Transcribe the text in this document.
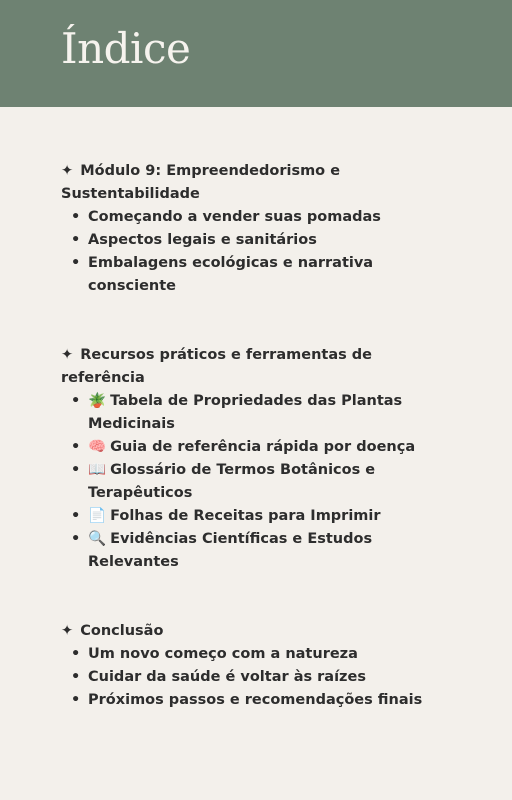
Índice

✦ Módulo 9: Empreendedorismo e Sustentabilidade

• Começando a vender suas pomadas
• Aspectos legais e sanitários
• Embalagens ecológicas e narrativa consciente

✦ Recursos práticos e ferramentas de referência

• 🪴 Tabela de Propriedades das Plantas Medicinais
• 🧠 Guia de referência rápida por doença
• 📖 Glossário de Termos Botânicos e Terapêuticos
• 📄 Folhas de Receitas para Imprimir
• 🔍 Evidências Científicas e Estudos Relevantes

✦ Conclusão

• Um novo começo com a natureza
• Cuidar da saúde é voltar às raízes
• Próximos passos e recomendações finais
